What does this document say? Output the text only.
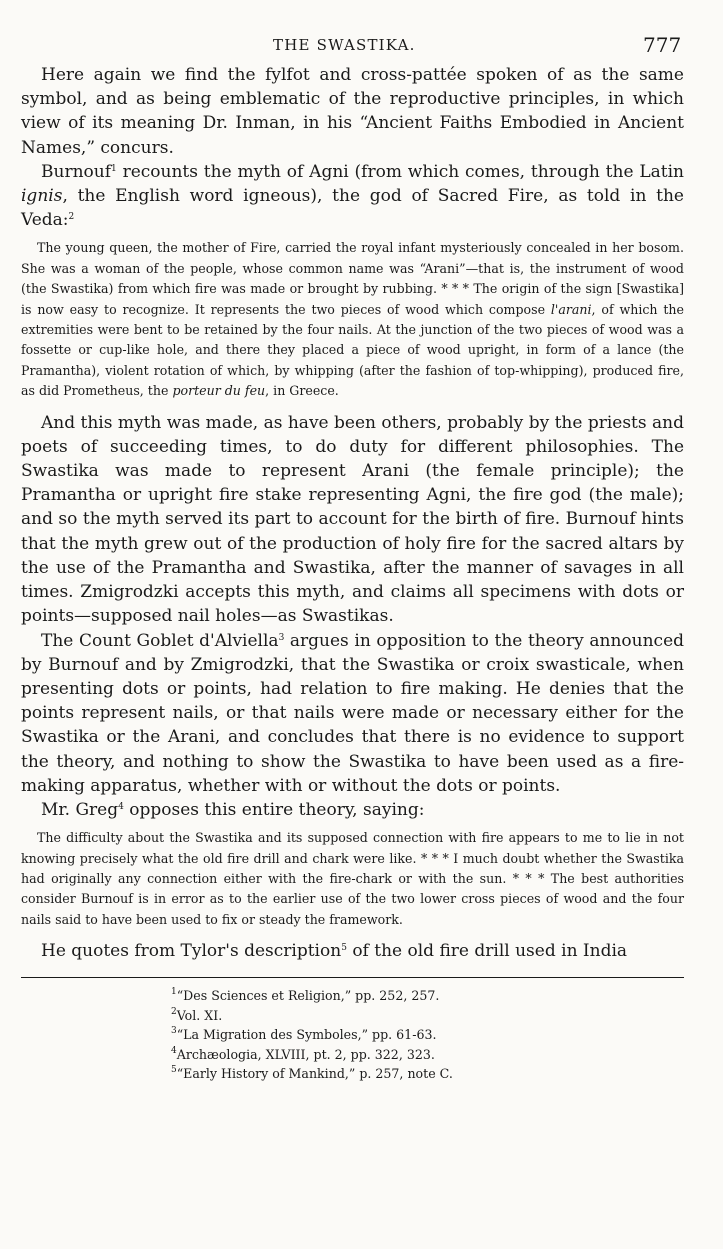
THE SWASTIKA.	777

Here again we find the fylfot and cross-pattée spoken of as the same symbol, and as being emblematic of the reproductive principles, in which view of its meaning Dr. Inman, in his “Ancient Faiths Embodied in Ancient Names,” concurs.

Burnouf$^1$ recounts the myth of Agni (from which comes, through the Latin ignis, the English word igneous), the god of Sacred Fire, as told in the Veda:$^2$

The young queen, the mother of Fire, carried the royal infant mysteriously concealed in her bosom. She was a woman of the people, whose common name was “Arani”—that is, the instrument of wood (the Swastika) from which fire was made or brought by rubbing. * * * The origin of the sign [Swastika] is now easy to recognize. It represents the two pieces of wood which compose l'arani, of which the extremities were bent to be retained by the four nails. At the junction of the two pieces of wood was a fossette or cup-like hole, and there they placed a piece of wood upright, in form of a lance (the Pramantha), violent rotation of which, by whipping (after the fashion of top-whipping), produced fire, as did Prometheus, the porteur du feu, in Greece.

And this myth was made, as have been others, probably by the priests and poets of succeeding times, to do duty for different philosophies. The Swastika was made to represent Arani (the female principle); the Pramantha or upright fire stake representing Agni, the fire god (the male); and so the myth served its part to account for the birth of fire. Burnouf hints that the myth grew out of the production of holy fire for the sacred altars by the use of the Pramantha and Swastika, after the manner of savages in all times. Zmigrodzki accepts this myth, and claims all specimens with dots or points—supposed nail holes—as Swastikas.

The Count Goblet d'Alviella$^3$ argues in opposition to the theory announced by Burnouf and by Zmigrodzki, that the Swastika or croix swasticale, when presenting dots or points, had relation to fire making. He denies that the points represent nails, or that nails were made or necessary either for the Swastika or the Arani, and concludes that there is no evidence to support the theory, and nothing to show the Swastika to have been used as a fire-making apparatus, whether with or without the dots or points.

Mr. Greg$^4$ opposes this entire theory, saying:

The difficulty about the Swastika and its supposed connection with fire appears to me to lie in not knowing precisely what the old fire drill and chark were like. * * * I much doubt whether the Swastika had originally any connection either with the fire-chark or with the sun. * * * The best authorities consider Burnouf is in error as to the earlier use of the two lower cross pieces of wood and the four nails said to have been used to fix or steady the framework.

He quotes from Tylor's description$^5$ of the old fire drill used in India

$^1$“Des Sciences et Religion,” pp. 252, 257.

$^2$Vol. XI.

$^3$“La Migration des Symboles,” pp. 61-63.

$^4$Archæologia, XLVIII, pt. 2, pp. 322, 323.

$^5$“Early History of Mankind,” p. 257, note C.
